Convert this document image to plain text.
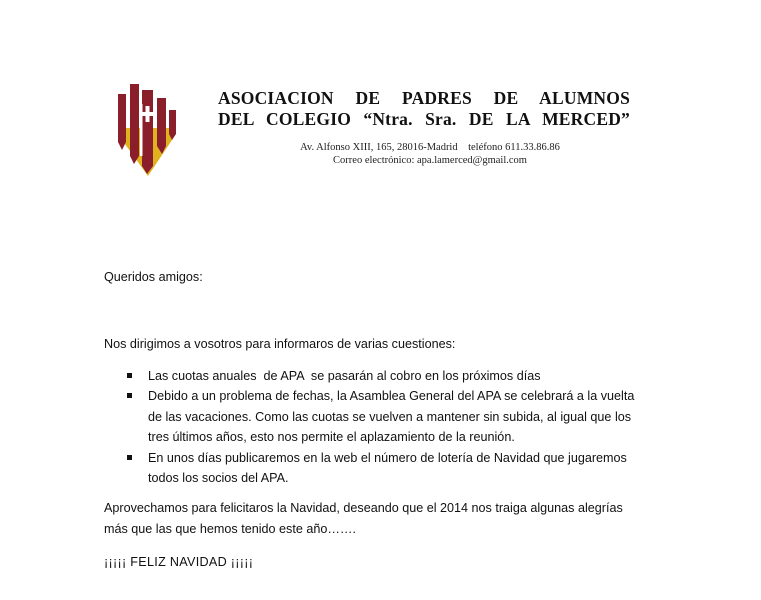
ASOCIACION DE PADRES DE ALUMNOS
DEL COLEGIO “Ntra. Sra. DE LA MERCED”
Av. Alfonso XIII, 165, 28016-Madrid    teléfono 611.33.86.86
Correo electrónico: apa.lamerced@gmail.com

Queridos amigos:

Nos dirigimos a vosotros para informaros de varias cuestiones:

Las cuotas anuales  de APA  se pasarán al cobro en los próximos días
Debido a un problema de fechas, la Asamblea General del APA se celebrará a la vuelta
de las vacaciones. Como las cuotas se vuelven a mantener sin subida, al igual que los
tres últimos años, esto nos permite el aplazamiento de la reunión.
En unos días publicaremos en la web el número de lotería de Navidad que jugaremos
todos los socios del APA.

Aprovechamos para felicitaros la Navidad, deseando que el 2014 nos traiga algunas alegrías
más que las que hemos tenido este año…….

¡¡¡¡¡ FELIZ NAVIDAD ¡¡¡¡¡
